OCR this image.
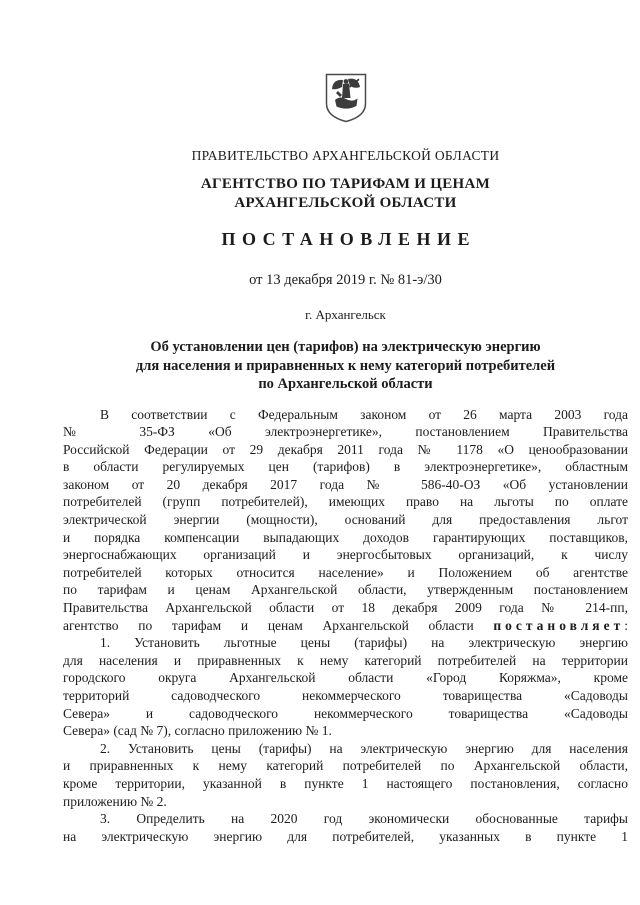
ПРАВИТЕЛЬСТВО АРХАНГЕЛЬСКОЙ ОБЛАСТИ
АГЕНТСТВО ПО ТАРИФАМ И ЦЕНАМ
АРХАНГЕЛЬСКОЙ ОБЛАСТИ
ПОСТАНОВЛЕНИЕ
от 13 декабря 2019 г. № 81-э/30
г. Архангельск
Об установлении цен (тарифов) на электрическую энергию
для населения и приравненных к нему категорий потребителей
по Архангельской области
В соответствии с Федеральным законом от 26 марта 2003 года
№ 35-ФЗ «Об электроэнергетике», постановлением Правительства
Российской Федерации от 29 декабря 2011 года № 1178 «О ценообразовании
в области регулируемых цен (тарифов) в электроэнергетике», областным
законом от 20 декабря 2017 года № 586-40-ОЗ «Об установлении
потребителей (групп потребителей), имеющих право на льготы по оплате
электрической энергии (мощности), оснований для предоставления льгот
и порядка компенсации выпадающих доходов гарантирующих поставщиков,
энергоснабжающих организаций и энергосбытовых организаций, к числу
потребителей которых относится население» и Положением об агентстве
по тарифам и ценам Архангельской области, утвержденным постановлением
Правительства Архангельской области от 18 декабря 2009 года № 214-пп,
агентство по тарифам и ценам Архангельской области постановляет:
1. Установить льготные цены (тарифы) на электрическую энергию
для населения и приравненных к нему категорий потребителей на территории
городского округа Архангельской области «Город Коряжма», кроме
территорий садоводческого некоммерческого товарищества «Садоводы
Севера» и садоводческого некоммерческого товарищества «Садоводы
Севера» (сад № 7), согласно приложению № 1.
2. Установить цены (тарифы) на электрическую энергию для населения
и приравненных к нему категорий потребителей по Архангельской области,
кроме территории, указанной в пункте 1 настоящего постановления, согласно
приложению № 2.
3. Определить на 2020 год экономически обоснованные тарифы
на электрическую энергию для потребителей, указанных в пункте 1
